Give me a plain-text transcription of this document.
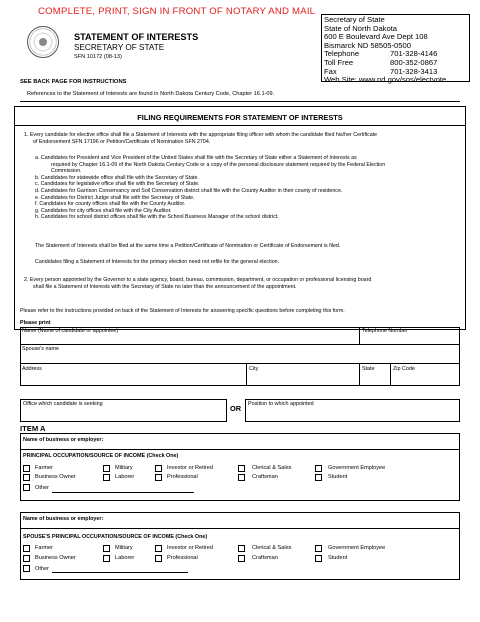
COMPLETE, PRINT, SIGN IN FRONT OF NOTARY AND MAIL
STATEMENT OF INTERESTS
SECRETARY OF STATE
SFN 10172 (08-13)
Secretary of State
State of North Dakota
600 E Boulevard Ave Dept 108
Bismarck ND 58505-0500
Telephone	701-328-4146
Toll Free	800-352-0867
Fax	701-328-3413
Web Site: www.nd.gov/sos/electvote
SEE BACK PAGE FOR INSTRUCTIONS
References to the Statement of Interests are found in North Dakota Century Code, Chapter 16.1-09.
FILING REQUIREMENTS FOR STATEMENT OF INTERESTS
1. Every candidate for elective office shall file a Statement of Interests with the appropriate filing officer with whom the candidate filed his/her Certificate
of Endorsement SFN 17196 or Petition/Certificate of Nomination SFN 2704.
a. Candidates for President and Vice President of the United States shall file with the Secretary of State either a Statement of Interests as
required by Chapter 16.1-09 of the North Dakota Century Code or a copy of the personal disclosure statement required by the Federal Election
Commission.
b. Candidates for statewide office shall file with the Secretary of State.
c. Candidates for legislative office shall file with the Secretary of State.
d. Candidates for Garrison Conservancy and Soil Conservation district shall file with the County Auditor in their county of residence.
e. Candidates for District Judge shall file with the Secretary of State.
f. Candidates for county offices shall file with the County Auditor.
g. Candidates for city offices shall file with the City Auditor.
h. Candidates for school district offices shall file with the School Business Manager of the school district.
The Statement of Interests shall be filed at the same time a Petition/Certificate of Nomination or Certificate of Endorsement is filed.
Candidates filing a Statement of Interests for the primary election need not refile for the general election.
2. Every person appointed by the Governor to a state agency, board, bureau, commission, department, or occupation or professional licensing board
shall file a Statement of Interests with the Secretary of State no later than the announcement of the appointment.
Please refer to the instructions provided on back of the Statement of Interests for answering specific questions before completing this form.
Please print
Name (Name of candidate or appointee)	Telephone Number
Spouse's name
Address	City	State	Zip Code
Office which candidate is seeking	OR Position to which appointed
ITEM A
Name of business or employer:
PRINCIPAL OCCUPATION/SOURCE OF INCOME (Check One)
Farmer
Business Owner
Other
Military
Laborer
Investor or Retired
Professional
Clerical & Sales
Craftsman
Government Employee
Student
Name of business or employer:
SPOUSE'S PRINCIPAL OCCUPATION/SOURCE OF INCOME (Check One)
Farmer
Business Owner
Other
Military
Laborer
Investor or Retired
Professional
Clerical & Sales
Craftsman
Government Employee
Student
